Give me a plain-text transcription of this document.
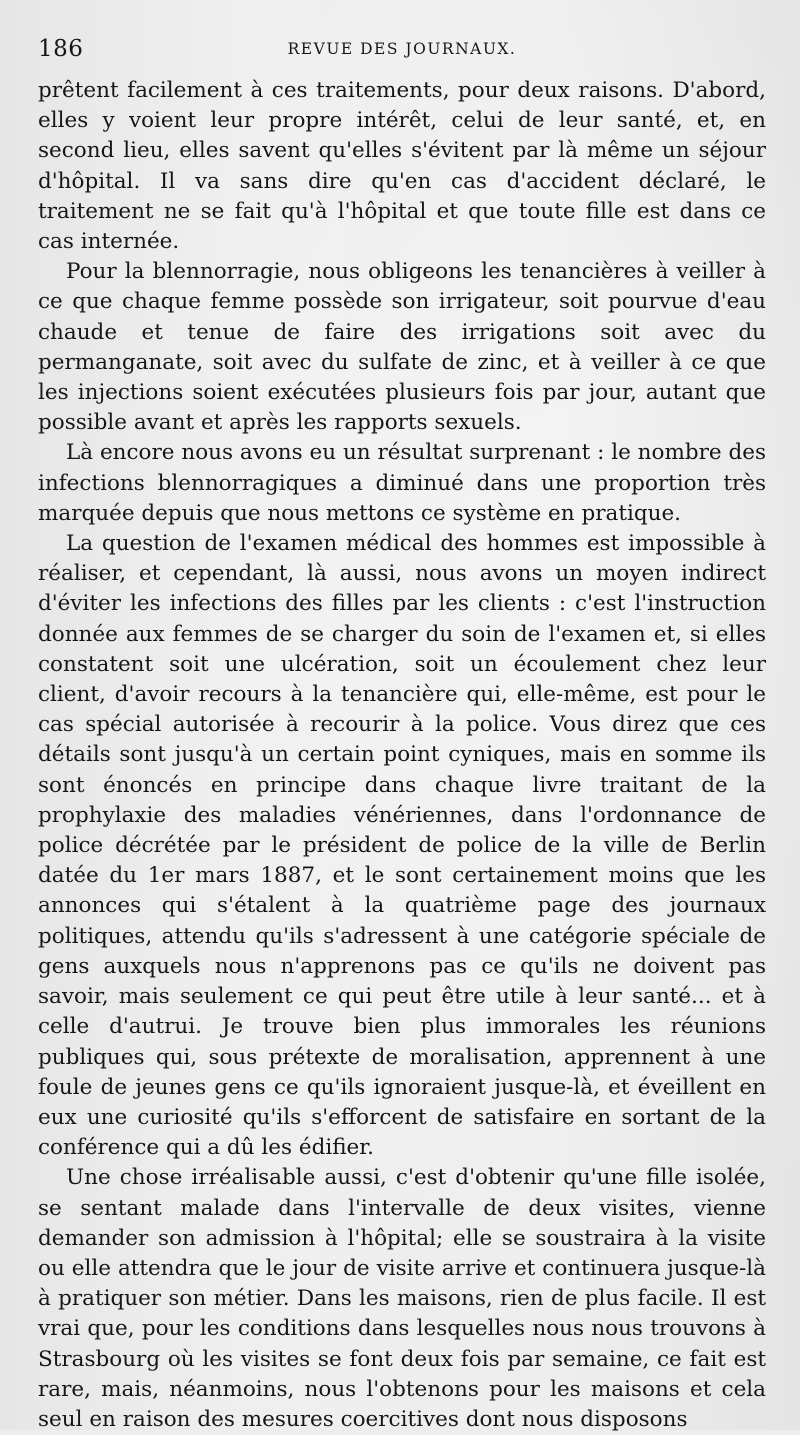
186	REVUE DES JOURNAUX.

prêtent facilement à ces traitements, pour deux raisons. D'abord, elles y voient leur propre intérêt, celui de leur santé, et, en second lieu, elles savent qu'elles s'évitent par là même un séjour d'hôpital. Il va sans dire qu'en cas d'accident déclaré, le traitement ne se fait qu'à l'hôpital et que toute fille est dans ce cas internée.

Pour la blennorragie, nous obligeons les tenancières à veiller à ce que chaque femme possède son irrigateur, soit pourvue d'eau chaude et tenue de faire des irrigations soit avec du permanganate, soit avec du sulfate de zinc, et à veiller à ce que les injections soient exécutées plusieurs fois par jour, autant que possible avant et après les rapports sexuels.

Là encore nous avons eu un résultat surprenant : le nombre des infections blennorragiques a diminué dans une proportion très marquée depuis que nous mettons ce système en pratique.

La question de l'examen médical des hommes est impossible à réaliser, et cependant, là aussi, nous avons un moyen indirect d'éviter les infections des filles par les clients : c'est l'instruction donnée aux femmes de se charger du soin de l'examen et, si elles constatent soit une ulcération, soit un écoulement chez leur client, d'avoir recours à la tenancière qui, elle-même, est pour le cas spécial autorisée à recourir à la police. Vous direz que ces détails sont jusqu'à un certain point cyniques, mais en somme ils sont énoncés en principe dans chaque livre traitant de la prophylaxie des maladies vénériennes, dans l'ordonnance de police décrétée par le président de police de la ville de Berlin datée du 1er mars 1887, et le sont certainement moins que les annonces qui s'étalent à la quatrième page des journaux politiques, attendu qu'ils s'adressent à une catégorie spéciale de gens auxquels nous n'apprenons pas ce qu'ils ne doivent pas savoir, mais seulement ce qui peut être utile à leur santé... et à celle d'autrui. Je trouve bien plus immorales les réunions publiques qui, sous prétexte de moralisation, apprennent à une foule de jeunes gens ce qu'ils ignoraient jusque-là, et éveillent en eux une curiosité qu'ils s'efforcent de satisfaire en sortant de la conférence qui a dû les édifier.

Une chose irréalisable aussi, c'est d'obtenir qu'une fille isolée, se sentant malade dans l'intervalle de deux visites, vienne demander son admission à l'hôpital; elle se soustraira à la visite ou elle attendra que le jour de visite arrive et continuera jusque-là à pratiquer son métier. Dans les maisons, rien de plus facile. Il est vrai que, pour les conditions dans lesquelles nous nous trouvons à Strasbourg où les visites se font deux fois par semaine, ce fait est rare, mais, néanmoins, nous l'obtenons pour les maisons et cela seul en raison des mesures coercitives dont nous disposons
